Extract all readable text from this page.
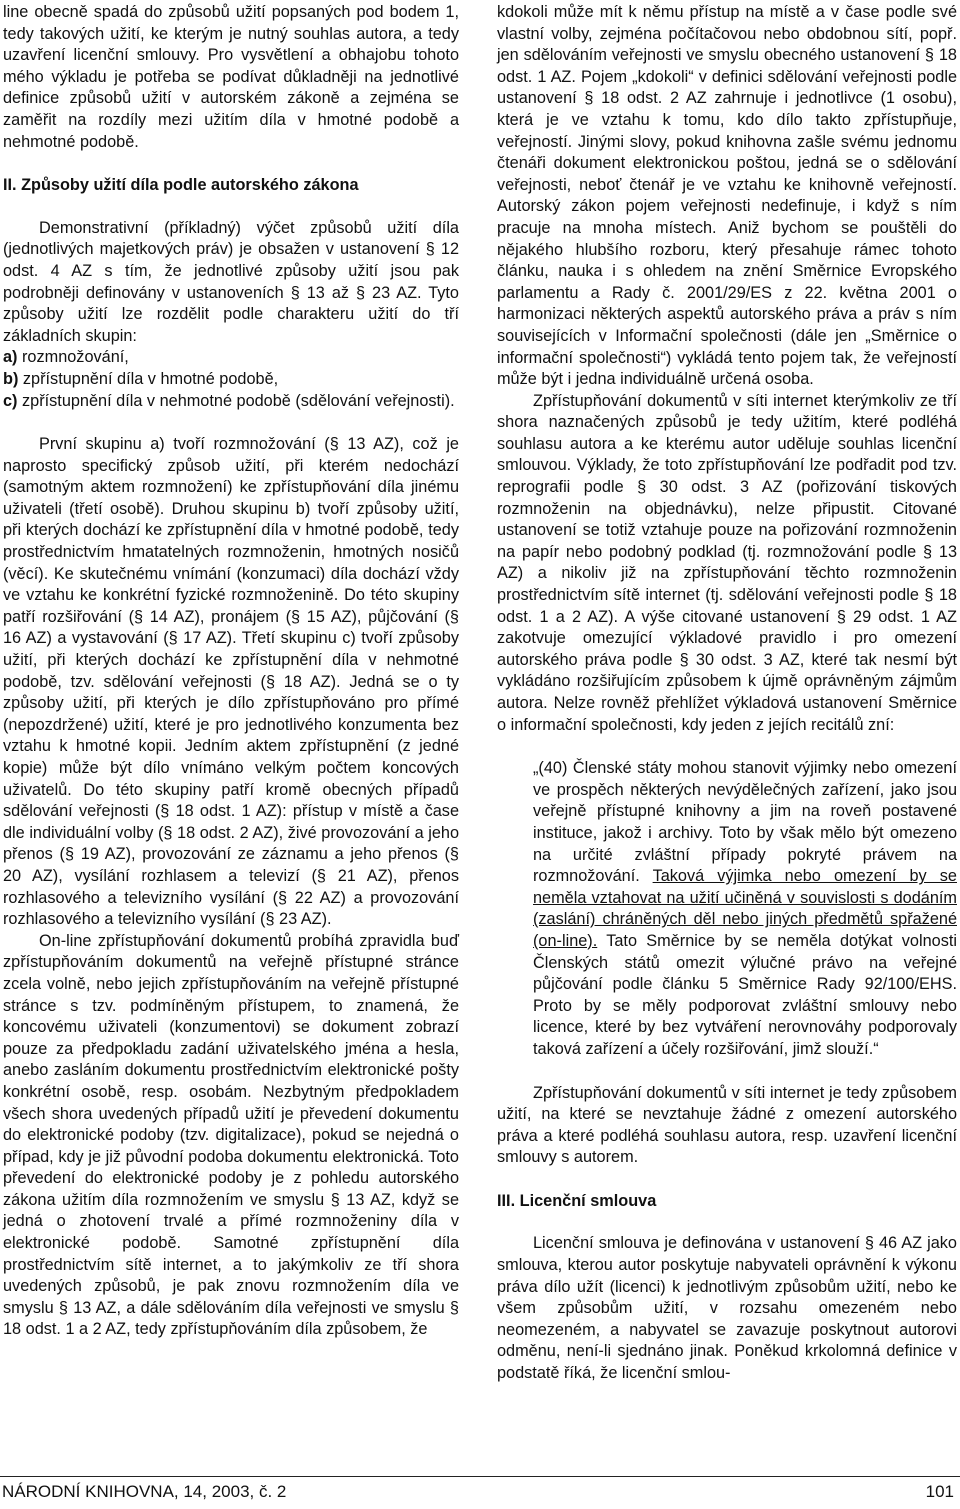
line obecně spadá do způsobů užití popsaných pod bodem 1, tedy takových užití, ke kterým je nutný souhlas autora, a tedy uzavření licenční smlouvy. Pro vysvětlení a obhajobu tohoto mého výkladu je potřeba se podívat důkladněji na jednotlivé definice způsobů užití v autorském zákoně a zejména se zaměřit na rozdíly mezi užitím díla v hmotné podobě a nehmotné podobě.

II. Způsoby užití díla podle autorského zákona

Demonstrativní (příkladný) výčet způsobů užití díla (jednotlivých majetkových práv) je obsažen v ustanovení § 12 odst. 4 AZ s tím, že jednotlivé způsoby užití jsou pak podrobněji definovány v ustanoveních § 13 až § 23 AZ. Tyto způsoby užití lze rozdělit podle charakteru užití do tří základních skupin:

a) rozmnožování,
b) zpřístupnění díla v hmotné podobě,
c) zpřístupnění díla v nehmotné podobě (sdělování veřejnosti).

První skupinu a) tvoří rozmnožování (§ 13 AZ), což je naprosto specifický způsob užití, při kterém nedochází (samotným aktem rozmnožení) ke zpřístupňování díla jinému uživateli (třetí osobě). Druhou skupinu b) tvoří způsoby užití, při kterých dochází ke zpřístupnění díla v hmotné podobě, tedy prostřednictvím hmatatelných rozmnoženin, hmotných nosičů (věcí). Ke skutečnému vnímání (konzumaci) díla dochází vždy ve vztahu ke konkrétní fyzické rozmnoženině. Do této skupiny patří rozšiřování (§ 14 AZ), pronájem (§ 15 AZ), půjčování (§ 16 AZ) a vystavování (§ 17 AZ). Třetí skupinu c) tvoří způsoby užití, při kterých dochází ke zpřístupnění díla v nehmotné podobě, tzv. sdělování veřejnosti (§ 18 AZ). Jedná se o ty způsoby užití, při kterých je dílo zpřístupňováno pro přímé (nepozdržené) užití, které je pro jednotlivého konzumenta bez vztahu k hmotné kopii. Jedním aktem zpřístupnění (z jedné kopie) může být dílo vnímáno velkým počtem koncových uživatelů. Do této skupiny patří kromě obecných případů sdělování veřejnosti (§ 18 odst. 1 AZ): přístup v místě a čase dle individuální volby (§ 18 odst. 2 AZ), živé provozování a jeho přenos (§ 19 AZ), provozování ze záznamu a jeho přenos (§ 20 AZ), vysílání rozhlasem a televizí (§ 21 AZ), přenos rozhlasového a televizního vysílání (§ 22 AZ) a provozování rozhlasového a televizního vysílání (§ 23 AZ).

On-line zpřístupňování dokumentů probíhá zpravidla buď zpřístupňováním dokumentů na veřejně přístupné stránce zcela volně, nebo jejich zpřístupňováním na veřejně přístupné stránce s tzv. podmíněným přístupem, to znamená, že koncovému uživateli (konzumentovi) se dokument zobrazí pouze za předpokladu zadání uživatelského jména a hesla, anebo zasláním dokumentu prostřednictvím elektronické pošty konkrétní osobě, resp. osobám. Nezbytným předpokladem všech shora uvedených případů užití je převedení dokumentu do elektronické podoby (tzv. digitalizace), pokud se nejedná o případ, kdy je již původní podoba dokumentu elektronická. Toto převedení do elektronické podoby je z pohledu autorského zákona užitím díla rozmnožením ve smyslu § 13 AZ, když se jedná o zhotovení trvalé a přímé rozmnoženiny díla v elektronické podobě. Samotné zpřístupnění díla prostřednictvím sítě internet, a to jakýmkoliv ze tří shora uvedených způsobů, je pak znovu rozmnožením díla ve smyslu § 13 AZ, a dále sdělováním díla veřejnosti ve smyslu § 18 odst. 1 a 2 AZ, tedy zpřístupňováním díla způsobem, že

kdokoli může mít k němu přístup na místě a v čase podle své vlastní volby, zejména počítačovou nebo obdobnou sítí, popř. jen sdělováním veřejnosti ve smyslu obecného ustanovení § 18 odst. 1 AZ. Pojem „kdokoli“ v definici sdělování veřejnosti podle ustanovení § 18 odst. 2 AZ zahrnuje i jednotlivce (1 osobu), která je ve vztahu k tomu, kdo dílo takto zpřístupňuje, veřejností. Jinými slovy, pokud knihovna zašle svému jednomu čtenáři dokument elektronickou poštou, jedná se o sdělování veřejnosti, neboť čtenář je ve vztahu ke knihovně veřejností. Autorský zákon pojem veřejnosti nedefinuje, i když s ním pracuje na mnoha místech. Aniž bychom se pouštěli do nějakého hlubšího rozboru, který přesahuje rámec tohoto článku, nauka i s ohledem na znění Směrnice Evropského parlamentu a Rady č. 2001/29/ES z 22. května 2001 o harmonizaci některých aspektů autorského práva a práv s ním souvisejících v Informační společnosti (dále jen „Směrnice o informační společnosti“) vykládá tento pojem tak, že veřejností může být i jedna individuálně určená osoba.

Zpřístupňování dokumentů v síti internet kterýmkoliv ze tří shora naznačených způsobů je tedy užitím, které podléhá souhlasu autora a ke kterému autor uděluje souhlas licenční smlouvou. Výklady, že toto zpřístupňování lze podřadit pod tzv. reprografii podle § 30 odst. 3 AZ (pořizování tiskových rozmnoženin na objednávku), nelze připustit. Citované ustanovení se totiž vztahuje pouze na pořizování rozmnoženin na papír nebo podobný podklad (tj. rozmnožování podle § 13 AZ) a nikoliv již na zpřístupňování těchto rozmnoženin prostřednictvím sítě internet (tj. sdělování veřejnosti podle § 18 odst. 1 a 2 AZ). A výše citované ustanovení § 29 odst. 1 AZ zakotvuje omezující výkladové pravidlo i pro omezení autorského práva podle § 30 odst. 3 AZ, které tak nesmí být vykládáno rozšiřujícím způsobem k újmě oprávněným zájmům autora. Nelze rovněž přehlížet výkladová ustanovení Směrnice o informační společnosti, kdy jeden z jejích recitálů zní:

„(40) Členské státy mohou stanovit výjimky nebo omezení ve prospěch některých nevýdělečných zařízení, jako jsou veřejně přístupné knihovny a jim na roveň postavené instituce, jakož i archivy. Toto by však mělo být omezeno na určité zvláštní případy pokryté právem na rozmnožování. Taková výjimka nebo omezení by se neměla vztahovat na užití učiněná v souvislosti s dodáním (zaslání) chráněných děl nebo jiných předmětů spřažené (on-line). Tato Směrnice by se neměla dotýkat volnosti Členských států omezit výlučné právo na veřejné půjčování podle článku 5 Směrnice Rady 92/100/EHS. Proto by se měly podporovat zvláštní smlouvy nebo licence, které by bez vytváření nerovnováhy podporovaly taková zařízení a účely rozšiřování, jimž slouží.“

Zpřístupňování dokumentů v síti internet je tedy způsobem užití, na které se nevztahuje žádné z omezení autorského práva a které podléhá souhlasu autora, resp. uzavření licenční smlouvy s autorem.

III. Licenční smlouva

Licenční smlouva je definována v ustanovení § 46 AZ jako smlouva, kterou autor poskytuje nabyvateli oprávnění k výkonu práva dílo užít (licenci) k jednotlivým způsobům užití, nebo ke všem způsobům užití, v rozsahu omezeném nebo neomezeném, a nabyvatel se zavazuje poskytnout autorovi odměnu, není-li sjednáno jinak. Poněkud krkolomná definice v podstatě říká, že licenční smlou-

NÁRODNÍ KNIHOVNA, 14, 2003, č. 2	101
